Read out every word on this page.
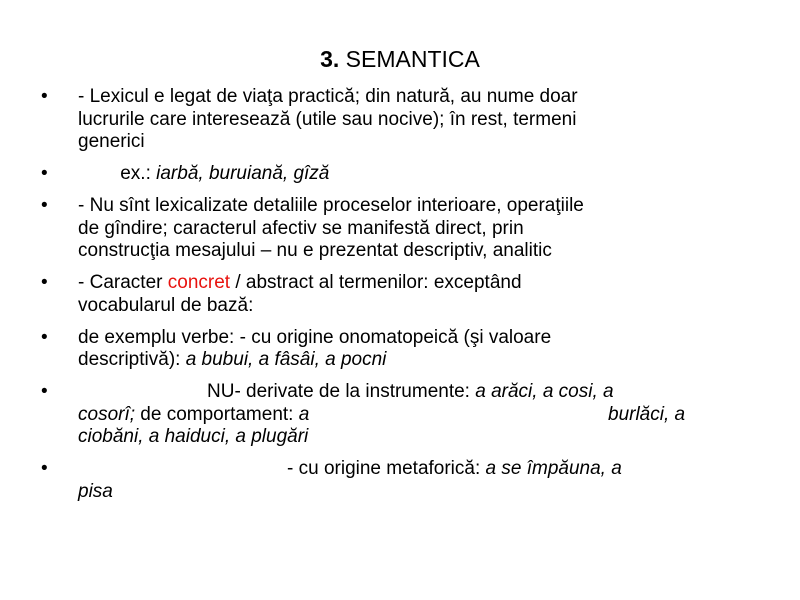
3. SEMANTICA
• - Lexicul e legat de viaţa practică; din natură, au nume doar
lucrurile care interesează (utile sau nocive); în rest, termeni
generici
• ex.: iarbă, buruiană, gîză
• - Nu sînt lexicalizate detaliile proceselor interioare, operaţiile
de gîndire; caracterul afectiv se manifestă direct, prin
construcţia mesajului – nu e prezentat descriptiv, analitic
• - Caracter concret / abstract al termenilor: exceptând
vocabularul de bază:
• de exemplu verbe: - cu origine onomatopeică (şi valoare
descriptivă): a bubui, a fâsâi, a pocni
•	NU- derivate de la instrumente: a arăci, a cosi, a
cosorî; de comportament: a	burlăci, a
ciobăni, a haiduci, a plugări
•	- cu origine metaforică: a se împăuna, a
pisa
